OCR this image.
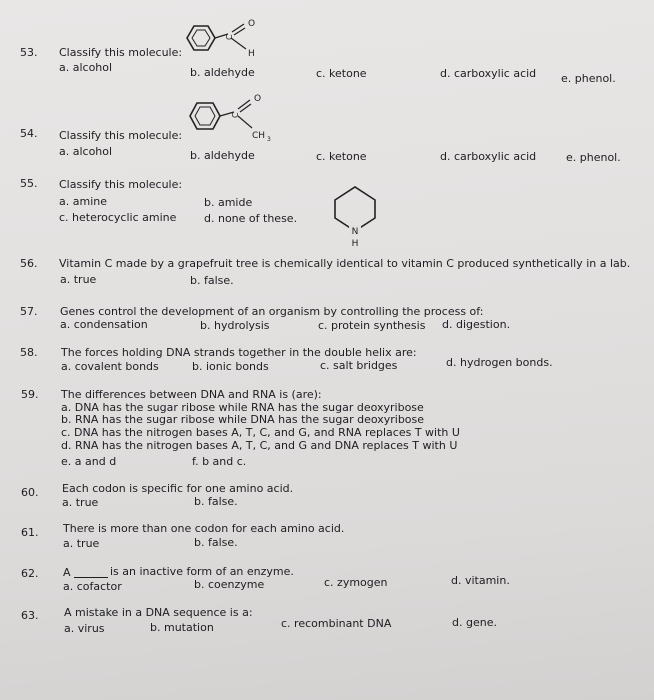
53. Classify this molecule:
a. alcohol	b. aldehyde	c. ketone	d. carboxylic acid e. phenol.
O
C
H
54. Classify this molecule:
a. alcohol	b. aldehyde	c. ketone	d. carboxylic acid	e. phenol.
O
C
CH 3
55. Classify this molecule:
a. amine	b. amide
c. heterocyclic amine	d. none of these.
N
H
56. Vitamin C made by a grapefruit tree is chemically identical to vitamin C produced synthetically in a lab.
a. true	b. false.
57. Genes control the development of an organism by controlling the process of:
a. condensation	b. hydrolysis	c. protein synthesis d. digestion.
58. The forces holding DNA strands together in the double helix are:
a. covalent bonds	b. ionic bonds	c. salt bridges	d. hydrogen bonds.
59. The differences between DNA and RNA is (are):
a. DNA has the sugar ribose while RNA has the sugar deoxyribose
b. RNA has the sugar ribose while DNA has the sugar deoxyribose
c. DNA has the nitrogen bases A, T, C, and G, and RNA replaces T with U
d. RNA has the nitrogen bases A, T, C, and G and DNA replaces T with U
e. a and d	f. b and c.
60. Each codon is specific for one amino acid.
a. true	b. false.
61. There is more than one codon for each amino acid.
a. true	b. false.
62. A	is an inactive form of an enzyme.
a. cofactor	b. coenzyme	c. zymogen	d. vitamin.
63. A mistake in a DNA sequence is a:
a. virus	b. mutation	c. recombinant DNA	d. gene.
